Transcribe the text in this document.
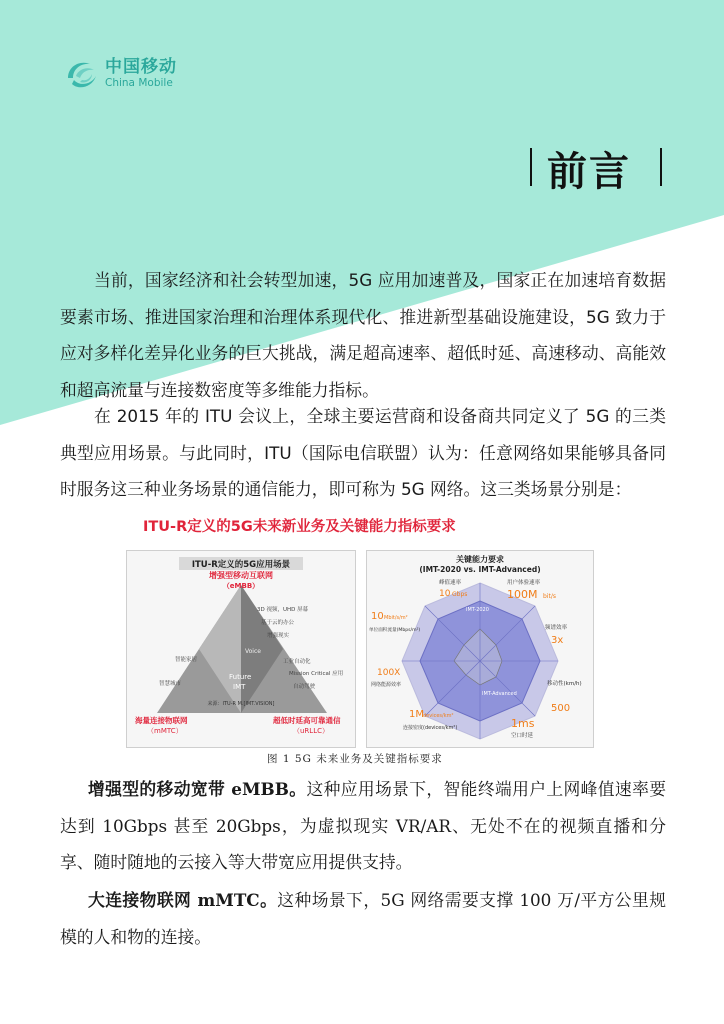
中国移动
China Mobile
前言
当前，国家经济和社会转型加速，5G 应用加速普及，国家正在加速培育数据要素市场、推进国家治理和治理体系现代化、推进新型基础设施建设，5G 致力于应对多样化差异化业务的巨大挑战，满足超高速率、超低时延、高速移动、高能效和超高流量与连接数密度等多维能力指标。
在 2015 年的 ITU 会议上，全球主要运营商和设备商共同定义了 5G 的三类典型应用场景。与此同时，ITU（国际电信联盟）认为：任意网络如果能够具备同时服务这三种业务场景的通信能力，即可称为 5G 网络。这三类场景分别是：
ITU-R定义的5G未来新业务及关键能力指标要求
ITU-R定义的5G应用场景
增强型移动互联网
（eMBB）
3D 视频，UHD 屏幕
基于云的办公
增强现实
Voice
工业自动化
Mission Critical 应用
自动驾驶
智能家居
智慧城市
Future
IMT
来源：ITU-R M.[IMT.VISION]
海量连接物联网
（mMTC）
超低时延高可靠通信
（uRLLC）
关键能力要求
(IMT-2020 vs. IMT-Advanced)
IMT-2020
IMT-Advanced
峰值速率
10 Gbps
用户体验速率
100M bit/s
频谱效率
3x
移动性(km/h)
500
1ms
空口时延
1M devices/km²
连接密度(devices/km²)
100X
网络能源效率
10 Mbit/s/m²
单位面积流量(Mbps/m²)
图 1 5G 未来业务及关键指标要求
增强型的移动宽带 eMBB。这种应用场景下，智能终端用户上网峰值速率要达到 10Gbps 甚至 20Gbps，为虚拟现实 VR/AR、无处不在的视频直播和分享、随时随地的云接入等大带宽应用提供支持。
大连接物联网 mMTC。这种场景下，5G 网络需要支撑 100 万/平方公里规模的人和物的连接。
